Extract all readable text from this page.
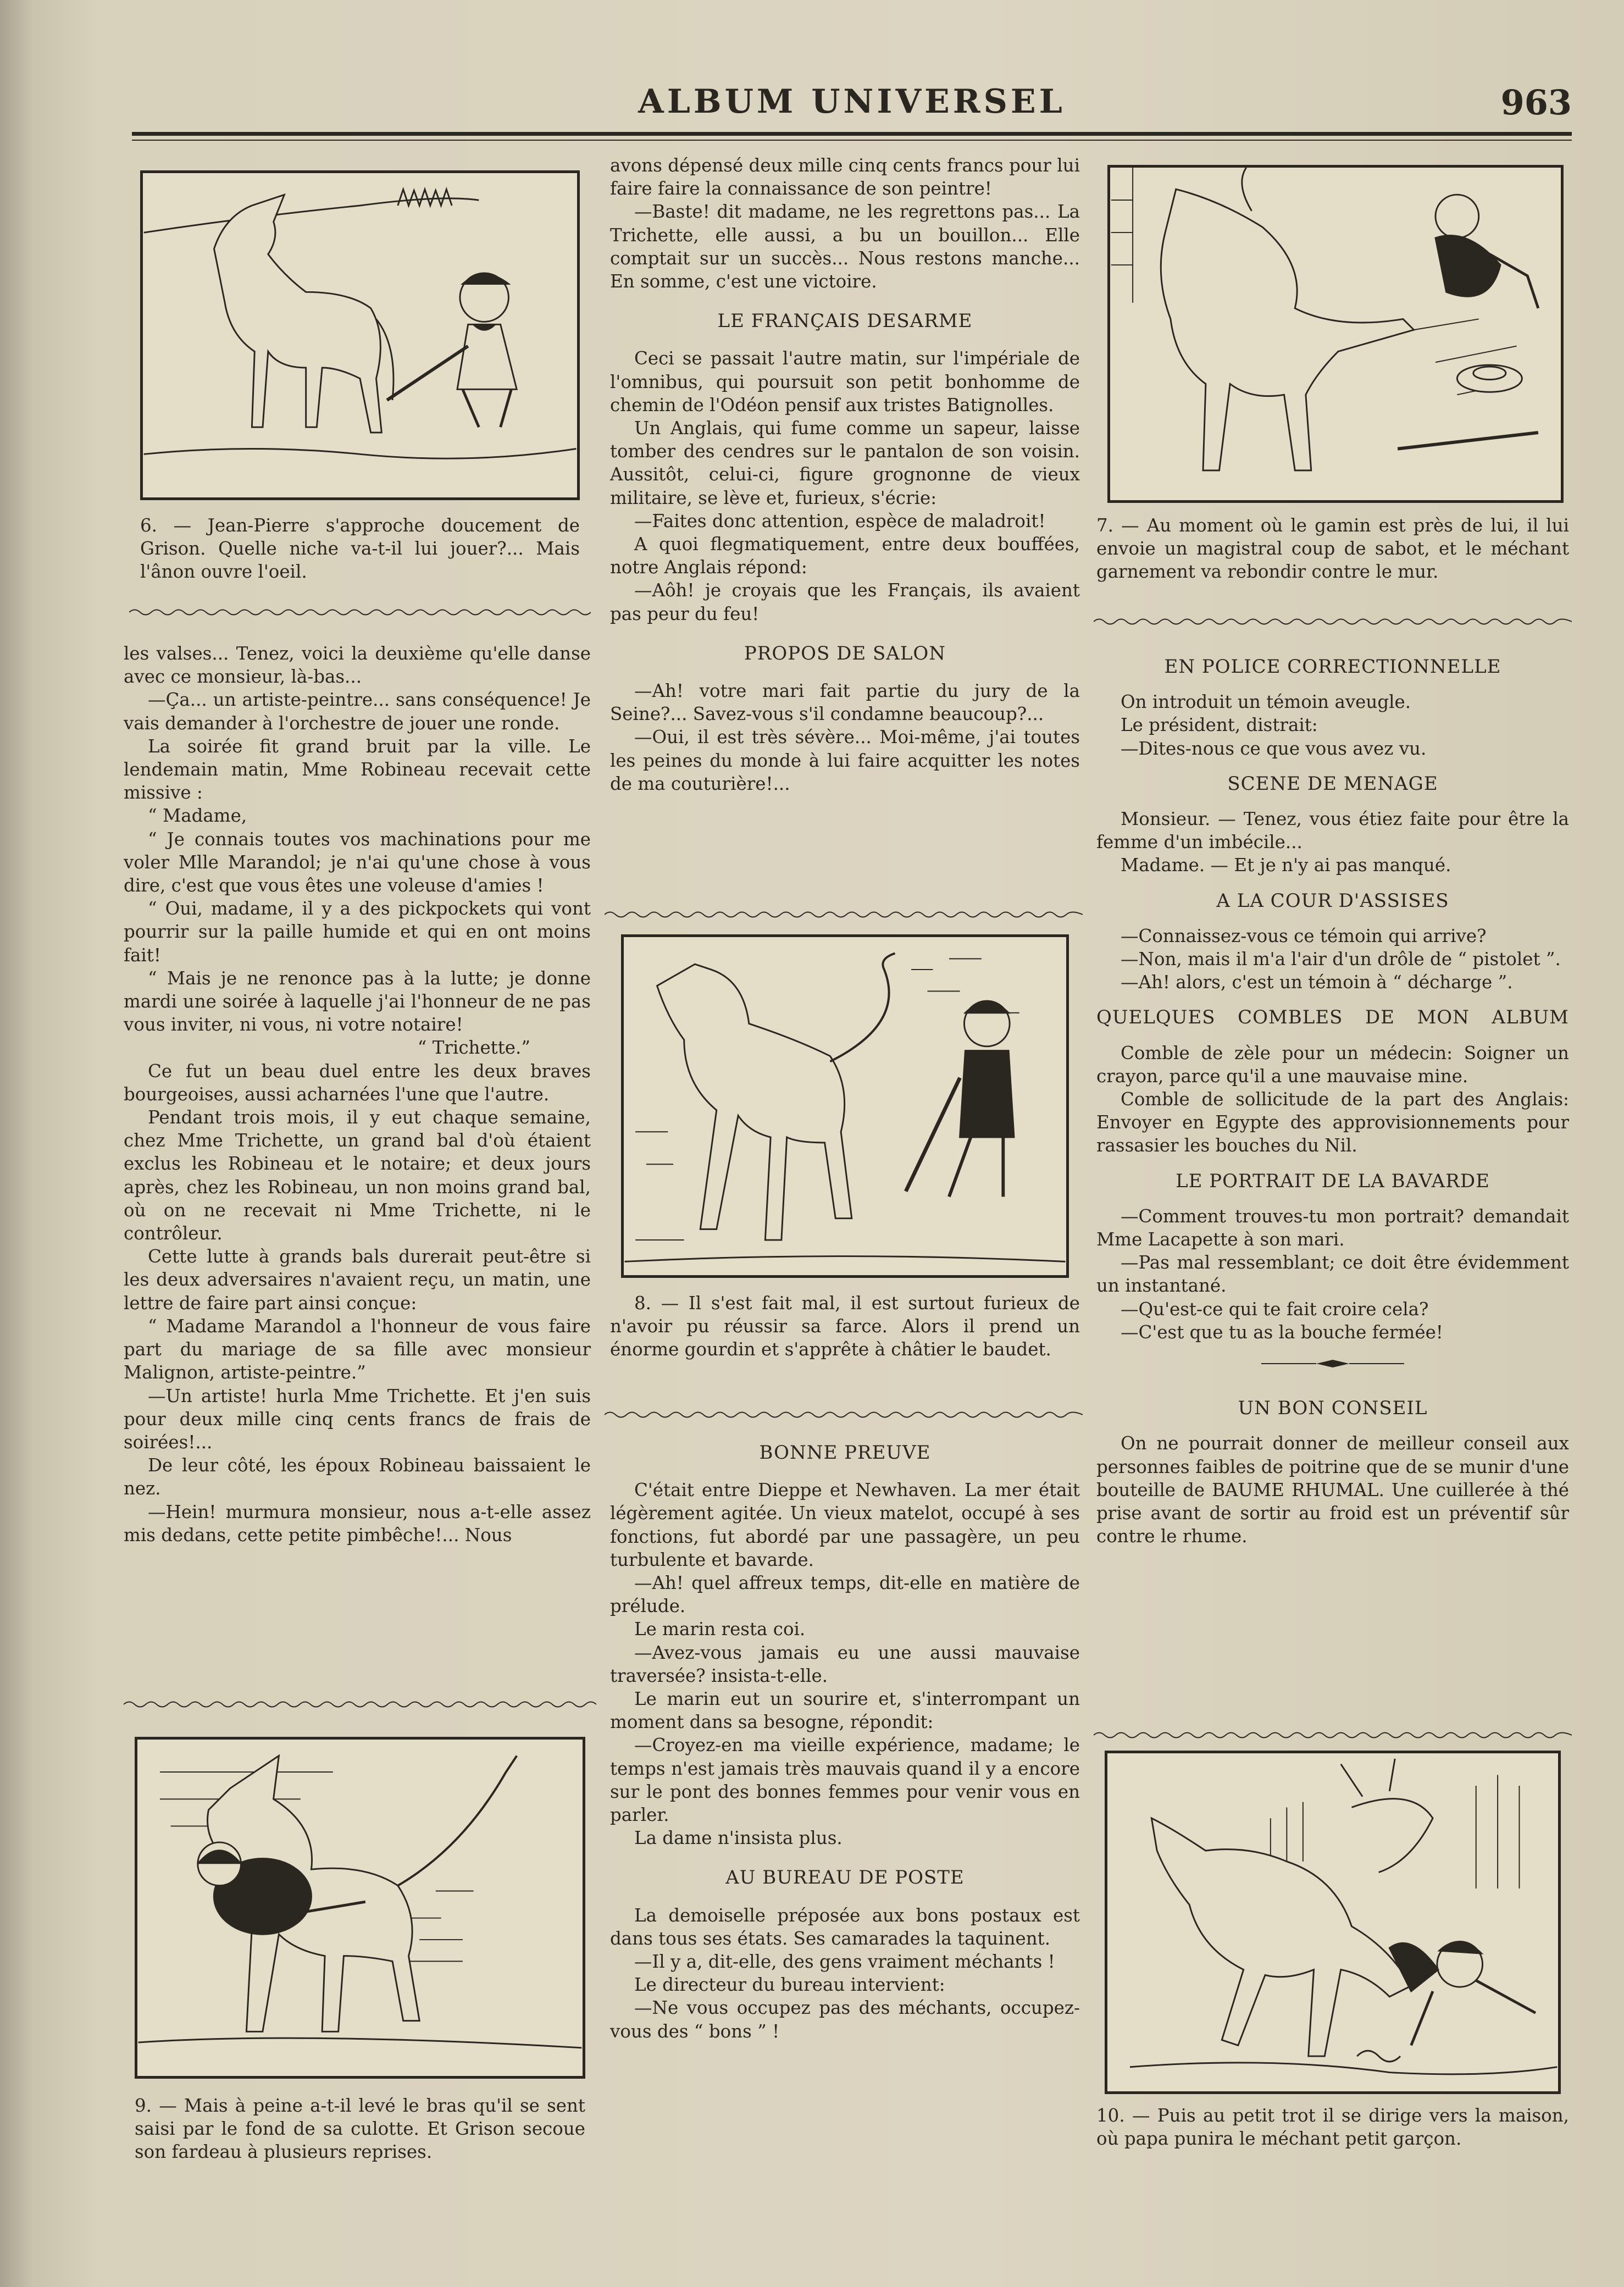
ALBUM UNIVERSEL	963
6. — Jean-Pierre s'approche doucement de Grison. Quelle niche va-t-il lui jouer?... Mais l'ânon ouvre l'oeil.

les valses... Tenez, voici la deuxième qu'elle danse avec ce monsieur, là-bas...

—Ça... un artiste-peintre... sans conséquence! Je vais demander à l'orchestre de jouer une ronde.

La soirée fit grand bruit par la ville. Le lendemain matin, Mme Robineau recevait cette missive :

“ Madame,

“ Je connais toutes vos machinations pour me voler Mlle Marandol; je n'ai qu'une chose à vous dire, c'est que vous êtes une voleuse d'amies !

“ Oui, madame, il y a des pickpockets qui vont pourrir sur la paille humide et qui en ont moins fait!

“ Mais je ne renonce pas à la lutte; je donne mardi une soirée à laquelle j'ai l'honneur de ne pas vous inviter, ni vous, ni votre notaire!

“ Trichette.”

Ce fut un beau duel entre les deux braves bourgeoises, aussi acharnées l'une que l'autre.

Pendant trois mois, il y eut chaque semaine, chez Mme Trichette, un grand bal d'où étaient exclus les Robineau et le notaire; et deux jours après, chez les Robineau, un non moins grand bal, où on ne recevait ni Mme Trichette, ni le contrôleur.

Cette lutte à grands bals durerait peut-être si les deux adversaires n'avaient reçu, un matin, une lettre de faire part ainsi conçue:

“ Madame Marandol a l'honneur de vous faire part du mariage de sa fille avec monsieur Malignon, artiste-peintre.”

—Un artiste! hurla Mme Trichette. Et j'en suis pour deux mille cinq cents francs de frais de soirées!...

De leur côté, les époux Robineau baissaient le nez.

—Hein! murmura monsieur, nous a-t-elle assez mis dedans, cette petite pimbêche!... Nous

9. — Mais à peine a-t-il levé le bras qu'il se sent saisi par le fond de sa culotte. Et Grison secoue son fardeau à plusieurs reprises.

avons dépensé deux mille cinq cents francs pour lui faire faire la connaissance de son peintre!

—Baste! dit madame, ne les regrettons pas... La Trichette, elle aussi, a bu un bouillon... Elle comptait sur un succès... Nous restons manche... En somme, c'est une victoire.

LE FRANÇAIS DESARME

Ceci se passait l'autre matin, sur l'impériale de l'omnibus, qui poursuit son petit bonhomme de chemin de l'Odéon pensif aux tristes Batignolles.

Un Anglais, qui fume comme un sapeur, laisse tomber des cendres sur le pantalon de son voisin. Aussitôt, celui-ci, figure grognonne de vieux militaire, se lève et, furieux, s'écrie:

—Faites donc attention, espèce de maladroit!

A quoi flegmatiquement, entre deux bouffées, notre Anglais répond:

—Aôh! je croyais que les Français, ils avaient pas peur du feu!

PROPOS DE SALON

—Ah! votre mari fait partie du jury de la Seine?... Savez-vous s'il condamne beaucoup?...

—Oui, il est très sévère... Moi-même, j'ai toutes les peines du monde à lui faire acquitter les notes de ma couturière!...

8. — Il s'est fait mal, il est surtout furieux de n'avoir pu réussir sa farce. Alors il prend un énorme gourdin et s'apprête à châtier le baudet.

BONNE PREUVE

C'était entre Dieppe et Newhaven. La mer était légèrement agitée. Un vieux matelot, occupé à ses fonctions, fut abordé par une passagère, un peu turbulente et bavarde.

—Ah! quel affreux temps, dit-elle en matière de prélude.

Le marin resta coi.

—Avez-vous jamais eu une aussi mauvaise traversée? insista-t-elle.

Le marin eut un sourire et, s'interrompant un moment dans sa besogne, répondit:

—Croyez-en ma vieille expérience, madame; le temps n'est jamais très mauvais quand il y a encore sur le pont des bonnes femmes pour venir vous en parler.

La dame n'insista plus.

AU BUREAU DE POSTE

La demoiselle préposée aux bons postaux est dans tous ses états. Ses camarades la taquinent.

—Il y a, dit-elle, des gens vraiment méchants !

Le directeur du bureau intervient:

—Ne vous occupez pas des méchants, occupez-vous des “ bons ” !

7. — Au moment où le gamin est près de lui, il lui envoie un magistral coup de sabot, et le méchant garnement va rebondir contre le mur.
EN POLICE CORRECTIONNELLE

On introduit un témoin aveugle.

Le président, distrait:

—Dites-nous ce que vous avez vu.

SCENE DE MENAGE

Monsieur. — Tenez, vous étiez faite pour être la femme d'un imbécile...

Madame. — Et je n'y ai pas manqué.

A LA COUR D'ASSISES

—Connaissez-vous ce témoin qui arrive?

—Non, mais il m'a l'air d'un drôle de “ pistolet ”.

—Ah! alors, c'est un témoin à “ décharge ”.

QUELQUES COMBLES DE MON ALBUM

Comble de zèle pour un médecin: Soigner un crayon, parce qu'il a une mauvaise mine.

Comble de sollicitude de la part des Anglais: Envoyer en Egypte des approvisionnements pour rassasier les bouches du Nil.

LE PORTRAIT DE LA BAVARDE

—Comment trouves-tu mon portrait? demandait Mme Lacapette à son mari.

—Pas mal ressemblant; ce doit être évidemment un instantané.

—Qu'est-ce qui te fait croire cela?

—C'est que tu as la bouche fermée!

UN BON CONSEIL

On ne pourrait donner de meilleur conseil aux personnes faibles de poitrine que de se munir d'une bouteille de BAUME RHUMAL. Une cuillerée à thé prise avant de sortir au froid est un préventif sûr contre le rhume.

10. — Puis au petit trot il se dirige vers la maison, où papa punira le méchant petit garçon.
